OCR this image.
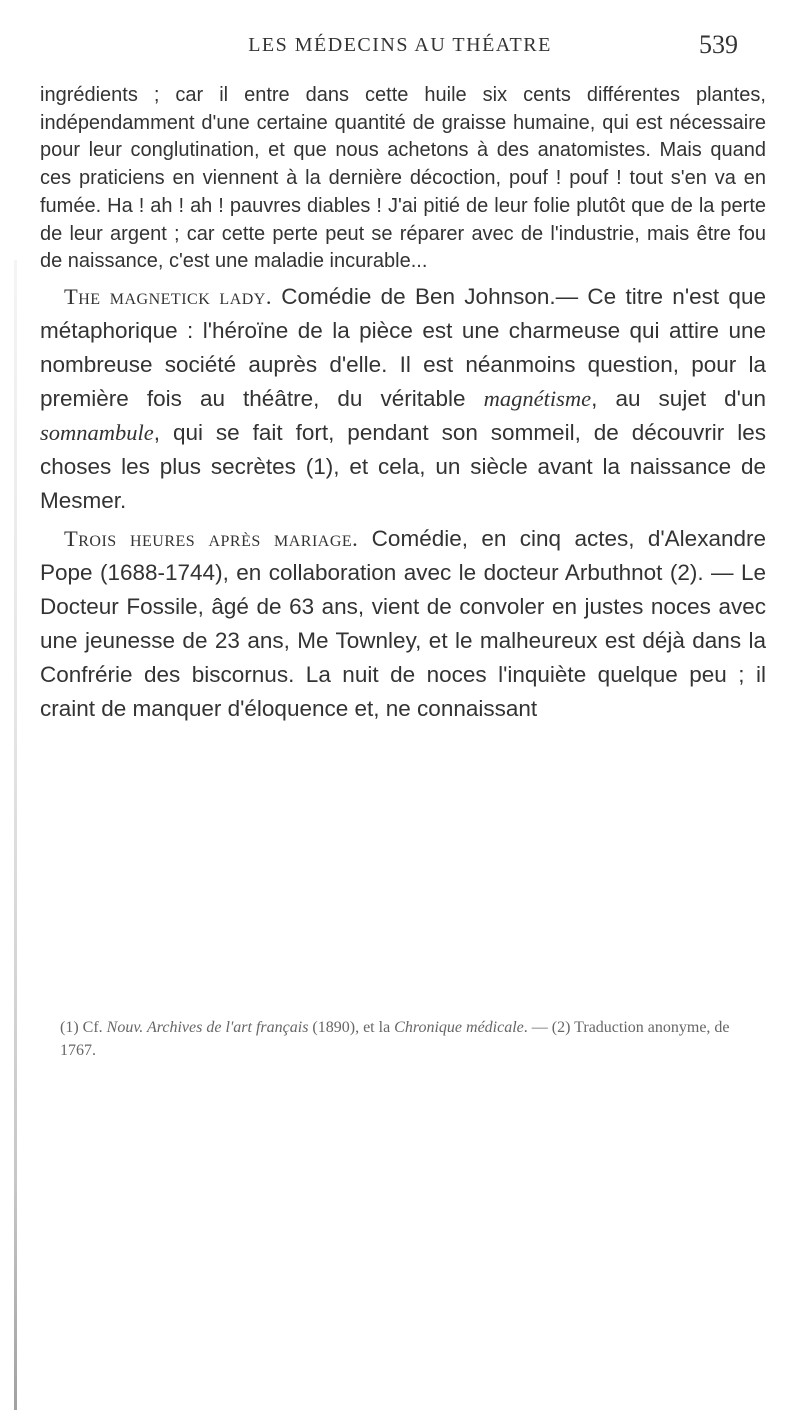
LES MÉDECINS AU THÉATRE	539

ingrédients ; car il entre dans cette huile six cents différentes plantes, indépendamment d'une certaine quantité de graisse humaine, qui est nécessaire pour leur conglutination, et que nous achetons à des anatomistes. Mais quand ces praticiens en viennent à la dernière décoction, pouf ! pouf ! tout s'en va en fumée. Ha ! ah ! ah ! pauvres diables ! J'ai pitié de leur folie plutôt que de la perte de leur argent ; car cette perte peut se réparer avec de l'industrie, mais être fou de naissance, c'est une maladie incurable...

The magnetick lady. Comédie de Ben Johnson.— Ce titre n'est que métaphorique : l'héroïne de la pièce est une charmeuse qui attire une nombreuse société auprès d'elle. Il est néanmoins question, pour la première fois au théâtre, du véritable magnétisme, au sujet d'un somnambule, qui se fait fort, pendant son sommeil, de découvrir les choses les plus secrètes (1), et cela, un siècle avant la naissance de Mesmer.

Trois heures après mariage. Comédie, en cinq actes, d'Alexandre Pope (1688-1744), en collaboration avec le docteur Arbuthnot (2). — Le Docteur Fossile, âgé de 63 ans, vient de convoler en justes noces avec une jeunesse de 23 ans, Me Townley, et le malheureux est déjà dans la Confrérie des biscornus. La nuit de noces l'inquiète quelque peu ; il craint de manquer d'éloquence et, ne connaissant

(1) Cf. Nouv. Archives de l'art français (1890), et la Chronique médicale. — (2) Traduction anonyme, de 1767.
